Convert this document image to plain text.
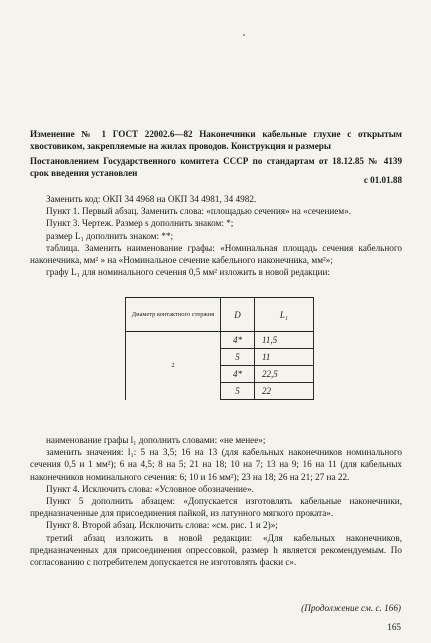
Изменение № 1 ГОСТ 22002.6—82 Наконечники кабельные глухие с открытым хвостовиком, закрепляемые на жилах проводов. Конструкция и размеры
Постановлением Государственного комитета СССР по стандартам от 18.12.85 № 4139 срок введения установлен
с 01.01.88

Заменить код: ОКП 34 4968 на ОКП 34 4981, 34 4982.

Пункт 1. Первый абзац. Заменить слова: «площадью сечения» на «сечением».

Пункт 3. Чертеж. Размер s дополнить знаком: *;

размер L₁ дополнить знаком: **;

таблица. Заменить наименование графы: «Номинальная площадь сечения кабельного наконечника, мм² » на «Номинальное сечение кабельного наконечника, мм²»;

графу L₁ для номинального сечения 0,5 мм² изложить в новой редакции:

Диаметр контактного стержня	D	L₁
2	4*	11,5
	5	11
	4*	22,5
	5	22

наименование графы l₁ дополнить словами: «не менее»;

заменить значения: l₁: 5 на 3,5; 16 на 13 (для кабельных наконечников номинального сечения 0,5 и 1 мм²); 6 на 4,5; 8 на 5; 21 на 18; 10 на 7; 13 на 9; 16 на 11 (для кабельных наконечников номинального сечения: 6; 10 и 16 мм²); 23 на 18; 26 на 21; 27 на 22.

Пункт 4. Исключить слова: «Условное обозначение».

Пункт 5 дополнить абзацем: «Допускается изготовлять кабельные наконечники, предназначенные для присоединения пайкой, из латунного мягкого проката».

Пункт 8. Второй абзац. Исключить слова: «см. рис. 1 и 2)»;

третий абзац изложить в новой редакции: «Для кабельных наконечников, предназначенных для присоединения опрессовкой, размер h является рекомендуемым. По согласованию с потребителем допускается не изготовлять фаски с».

(Продолжение см. с. 166)
165
